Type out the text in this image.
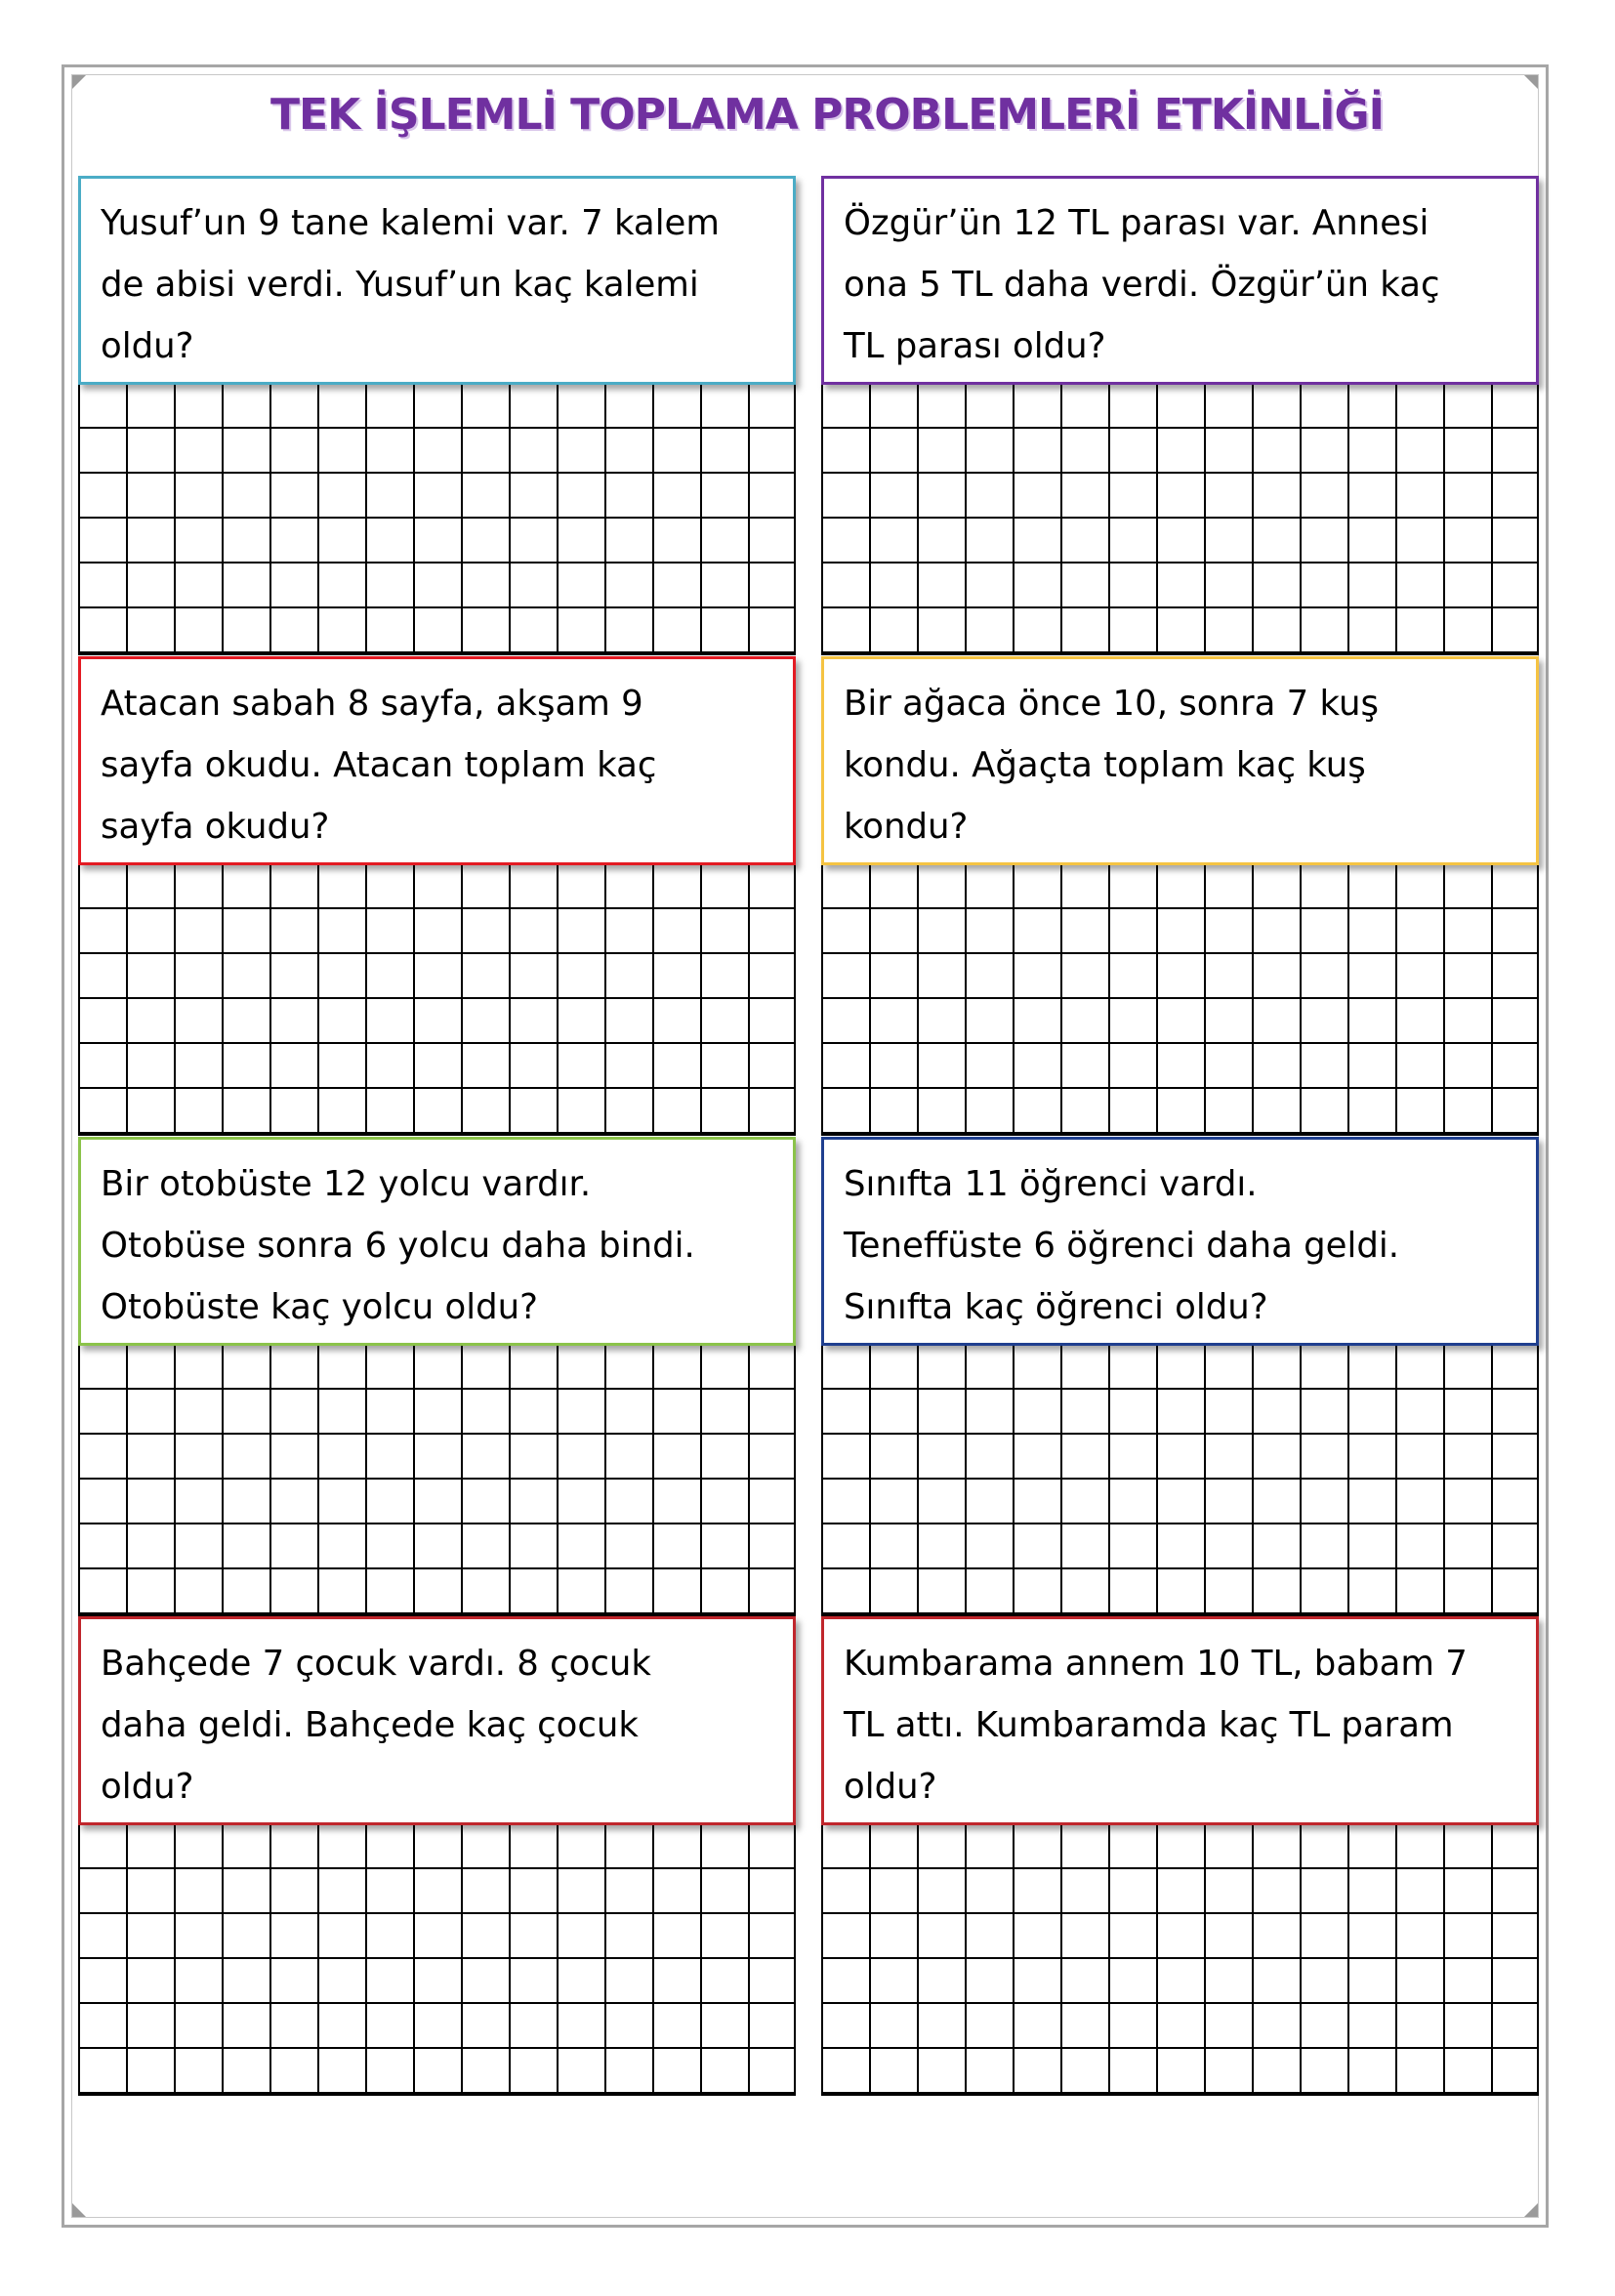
TEK İŞLEMLİ TOPLAMA PROBLEMLERİ ETKİNLİĞİ
Yusuf’un 9 tane kalemi var. 7 kalem
de abisi verdi. Yusuf’un kaç kalemi
oldu?
Özgür’ün 12 TL parası var. Annesi
ona 5 TL daha verdi. Özgür’ün kaç
TL parası oldu?
Atacan sabah 8 sayfa, akşam 9
sayfa okudu. Atacan toplam kaç
sayfa okudu?
Bir ağaca önce 10, sonra 7 kuş
kondu. Ağaçta toplam kaç kuş
kondu?
Bir otobüste 12 yolcu vardır.
Otobüse sonra 6 yolcu daha bindi.
Otobüste kaç yolcu oldu?
Sınıfta 11 öğrenci vardı.
Teneffüste 6 öğrenci daha geldi.
Sınıfta kaç öğrenci oldu?
Bahçede 7 çocuk vardı. 8 çocuk
daha geldi. Bahçede kaç çocuk
oldu?
Kumbarama annem 10 TL, babam 7
TL attı. Kumbaramda kaç TL param
oldu?
